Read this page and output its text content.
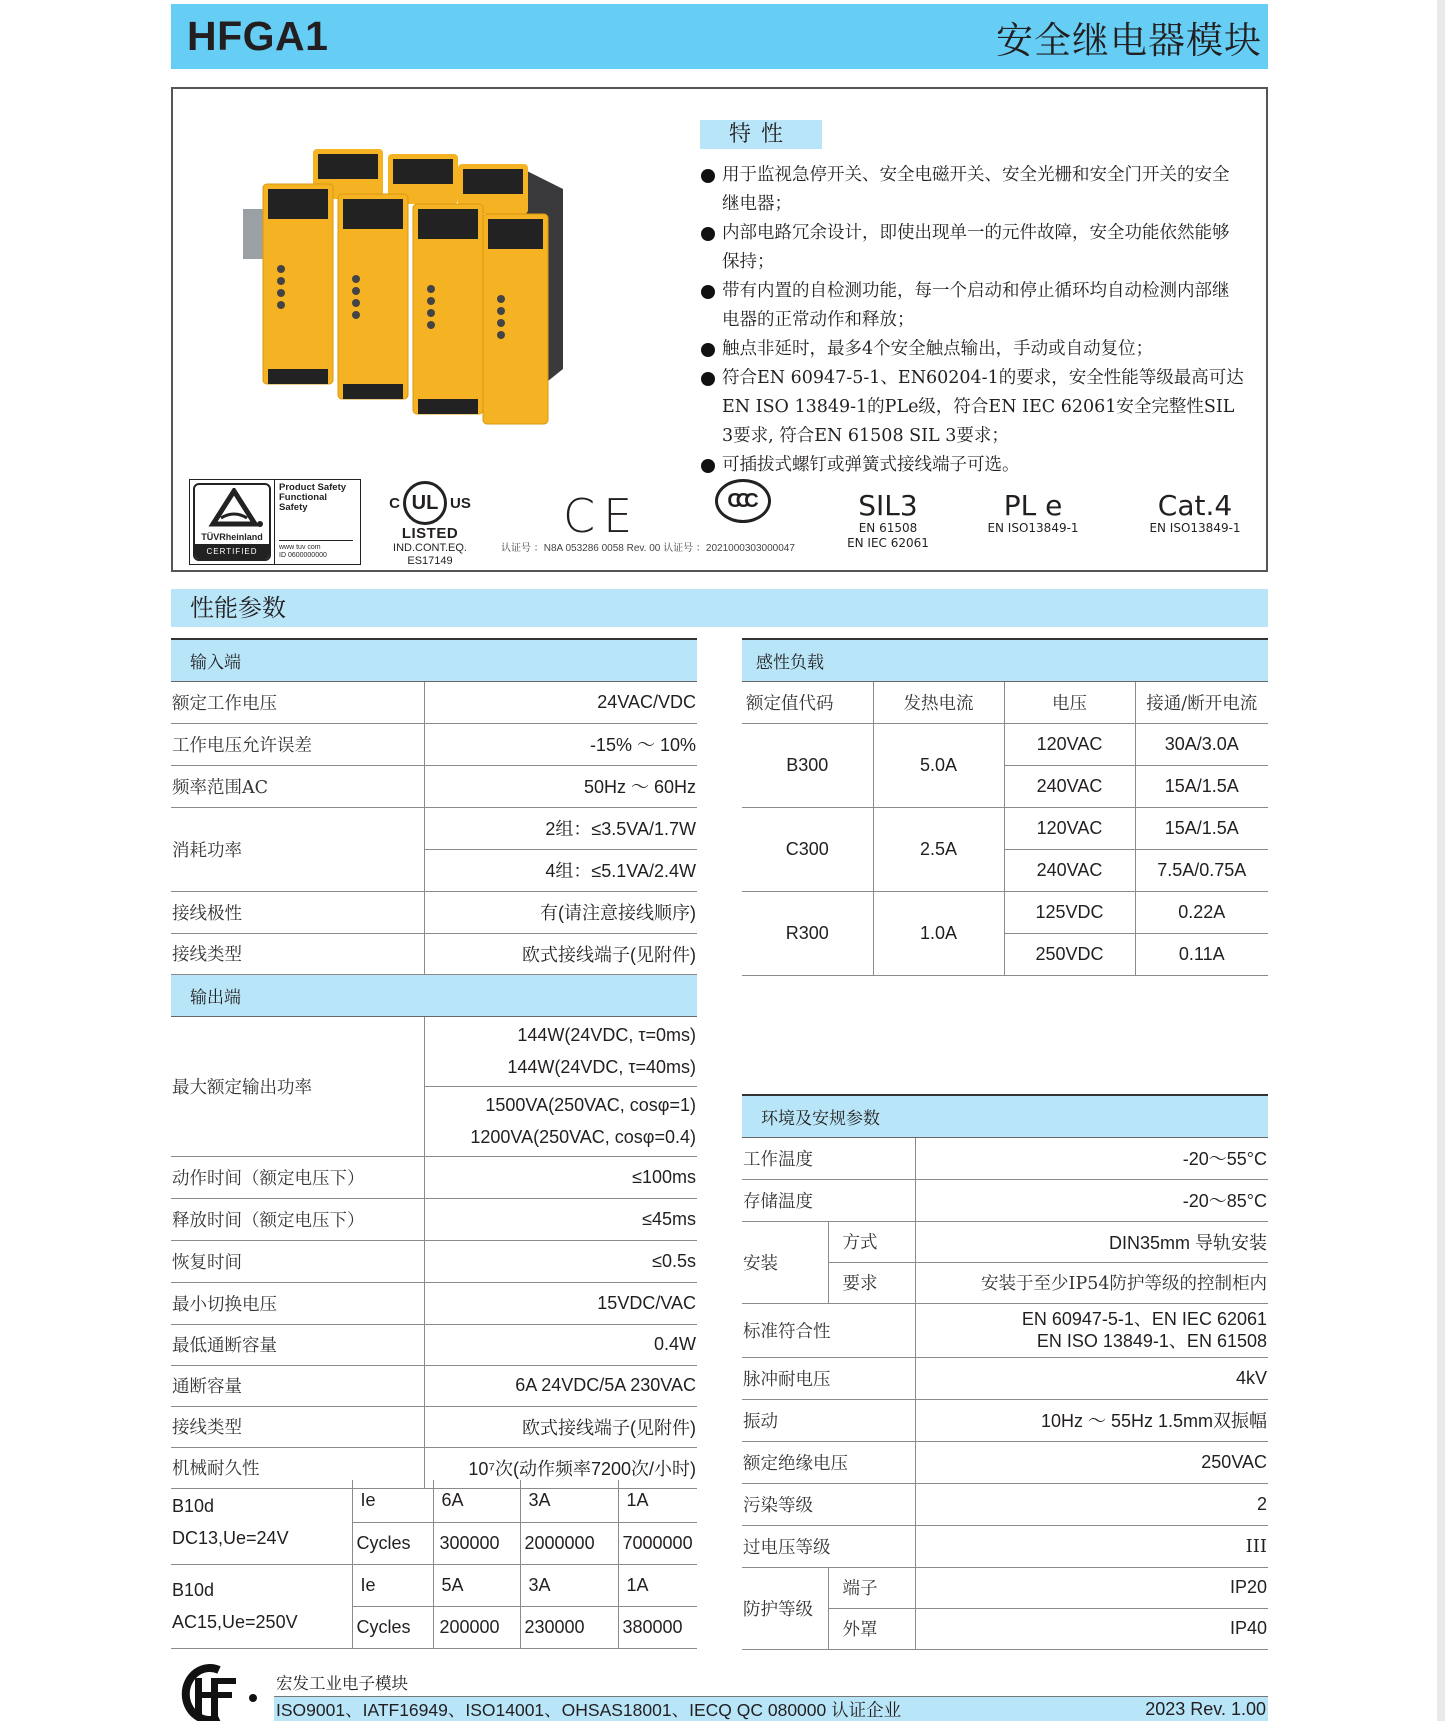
HFGA1	安全继电器模块
特性
用于监视急停开关、安全电磁开关、安全光栅和安全门开关的安全继电器；
内部电路冗余设计，即使出现单一的元件故障，安全功能依然能够保持；
带有内置的自检测功能，每一个启动和停止循环均自动检测内部继电器的正常动作和释放；
触点非延时，最多4个安全触点输出，手动或自动复位；
符合EN 60947-5-1、EN60204-1的要求，安全性能等级最高可达EN ISO 13849-1的PLe级，符合EN IEC 62061安全完整性SIL 3要求, 符合EN 61508 SIL 3要求；
可插拔式螺钉或弹簧式接线端子可选。
TÜVRheinland
CERTIFIED
Product Safety Functional Safety
www tuv com
ID 0600000000
C UL US
LISTED
IND.CONT.EQ.
ES17149
CE	CCC
认证号 ：N8A 053286 0058 Rev. 00 认证号 ：2021000303000047
SIL3
EN 61508
EN IEC 62061
PL e
EN ISO13849-1
Cat.4
EN ISO13849-1
性能参数
输入端	
额定工作电压	24VAC/VDC
工作电压允许误差	-15% ～ 10%
频率范围AC	50Hz ～ 60Hz
消耗功率	2组：≤3.5VA/1.7W
	4组：≤5.1VA/2.4W
接线极性	有(请注意接线顺序)
接线类型	欧式接线端子(见附件)
输出端	
最大额定输出功率	144W(24VDC, τ=0ms)
144W(24VDC, τ=40ms)

	1500VA(250VAC, cosφ=1)
1200VA(250VAC, cosφ=0.4)

动作时间（额定电压下）	≤100ms
释放时间（额定电压下）	≤45ms
恢复时间	≤0.5s
最小切换电压	15VDC/VAC
最低通断容量	0.4W
通断容量	6A 24VDC/5A 230VAC
接线类型	欧式接线端子(见附件)
机械耐久性	10⁷次(动作频率7200次/小时)
B10d
DC13,Ue=24V	Ie	6A	3A	1A
	Cycles	300000	2000000	7000000

B10d
AC15,Ue=250V	Ie	5A	3A	1A
	Cycles	200000	230000	380000
感性负载			
额定值代码	发热电流	电压	接通/断开电流
B300	5.0A	120VAC	30A/3.0A
		240VAC	15A/1.5A
C300	2.5A	120VAC	15A/1.5A
		240VAC	7.5A/0.75A
R300	1.0A	125VDC	0.22A
		250VDC	0.11A
环境及安规参数		
工作温度		-20～55°C
存储温度		-20～85°C
安装	方式	DIN35mm 导轨安装
	要求	安装于至少IP54防护等级的控制柜内
标准符合性		EN 60947-5-1、EN IEC 62061
EN ISO 13849-1、EN 61508

脉冲耐电压		4kV
振动		10Hz ～ 55Hz 1.5mm双振幅
额定绝缘电压		250VAC
污染等级		2
过电压等级		III
防护等级	端子	IP20
	外罩	IP40
宏发工业电子模块
ISO9001、IATF16949、ISO14001、OHSAS18001、IECQ QC 080000 认证企业	2023 Rev. 1.00
